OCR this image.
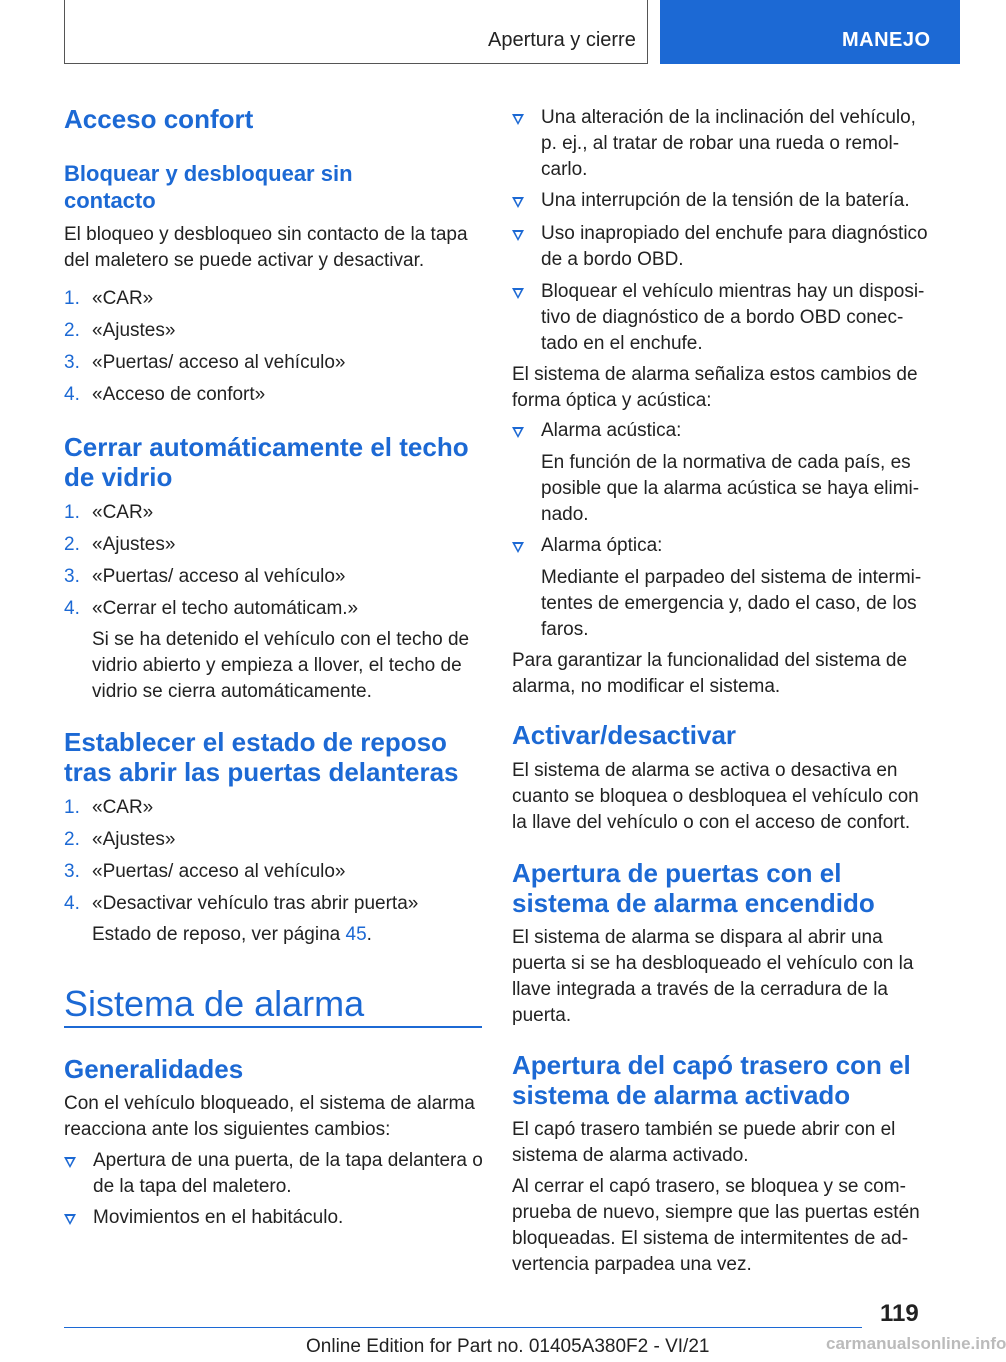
Apertura y cierre	MANEJO
Acceso confort
Bloquear y desbloquear sin
contacto
El bloqueo y desbloqueo sin contacto de la tapa
del maletero se puede activar y desactivar.
1. «CAR»
2. «Ajustes»
3. «Puertas/ acceso al vehículo»
4. «Acceso de confort»
Cerrar automáticamente el techo
de vidrio
1. «CAR»
2. «Ajustes»
3. «Puertas/ acceso al vehículo»
4. «Cerrar el techo automáticam.»
Si se ha detenido el vehículo con el techo de
vidrio abierto y empieza a llover, el techo de
vidrio se cierra automáticamente.
Establecer el estado de reposo
tras abrir las puertas delanteras
1. «CAR»
2. «Ajustes»
3. «Puertas/ acceso al vehículo»
4. «Desactivar vehículo tras abrir puerta»
Estado de reposo, ver página 45.
Sistema de alarma
Generalidades
Con el vehículo bloqueado, el sistema de alarma
reacciona ante los siguientes cambios:
Apertura de una puerta, de la tapa delantera o
de la tapa del maletero.
Movimientos en el habitáculo.
Una alteración de la inclinación del vehículo,
p. ej., al tratar de robar una rueda o remol‐
carlo.
Una interrupción de la tensión de la batería.
Uso inapropiado del enchufe para diagnóstico
de a bordo OBD.
Bloquear el vehículo mientras hay un disposi‐
tivo de diagnóstico de a bordo OBD conec‐
tado en el enchufe.
El sistema de alarma señaliza estos cambios de
forma óptica y acústica:
Alarma acústica:
En función de la normativa de cada país, es
posible que la alarma acústica se haya elimi‐
nado.
Alarma óptica:
Mediante el parpadeo del sistema de intermi‐
tentes de emergencia y, dado el caso, de los
faros.
Para garantizar la funcionalidad del sistema de
alarma, no modificar el sistema.
Activar/desactivar
El sistema de alarma se activa o desactiva en
cuanto se bloquea o desbloquea el vehículo con
la llave del vehículo o con el acceso de confort.
Apertura de puertas con el
sistema de alarma encendido
El sistema de alarma se dispara al abrir una
puerta si se ha desbloqueado el vehículo con la
llave integrada a través de la cerradura de la
puerta.
Apertura del capó trasero con el
sistema de alarma activado
El capó trasero también se puede abrir con el
sistema de alarma activado.
Al cerrar el capó trasero, se bloquea y se com‐
prueba de nuevo, siempre que las puertas estén
bloqueadas. El sistema de intermitentes de ad‐
vertencia parpadea una vez.
119
Online Edition for Part no. 01405A380F2 - VI/21	carmanualsonline.info
